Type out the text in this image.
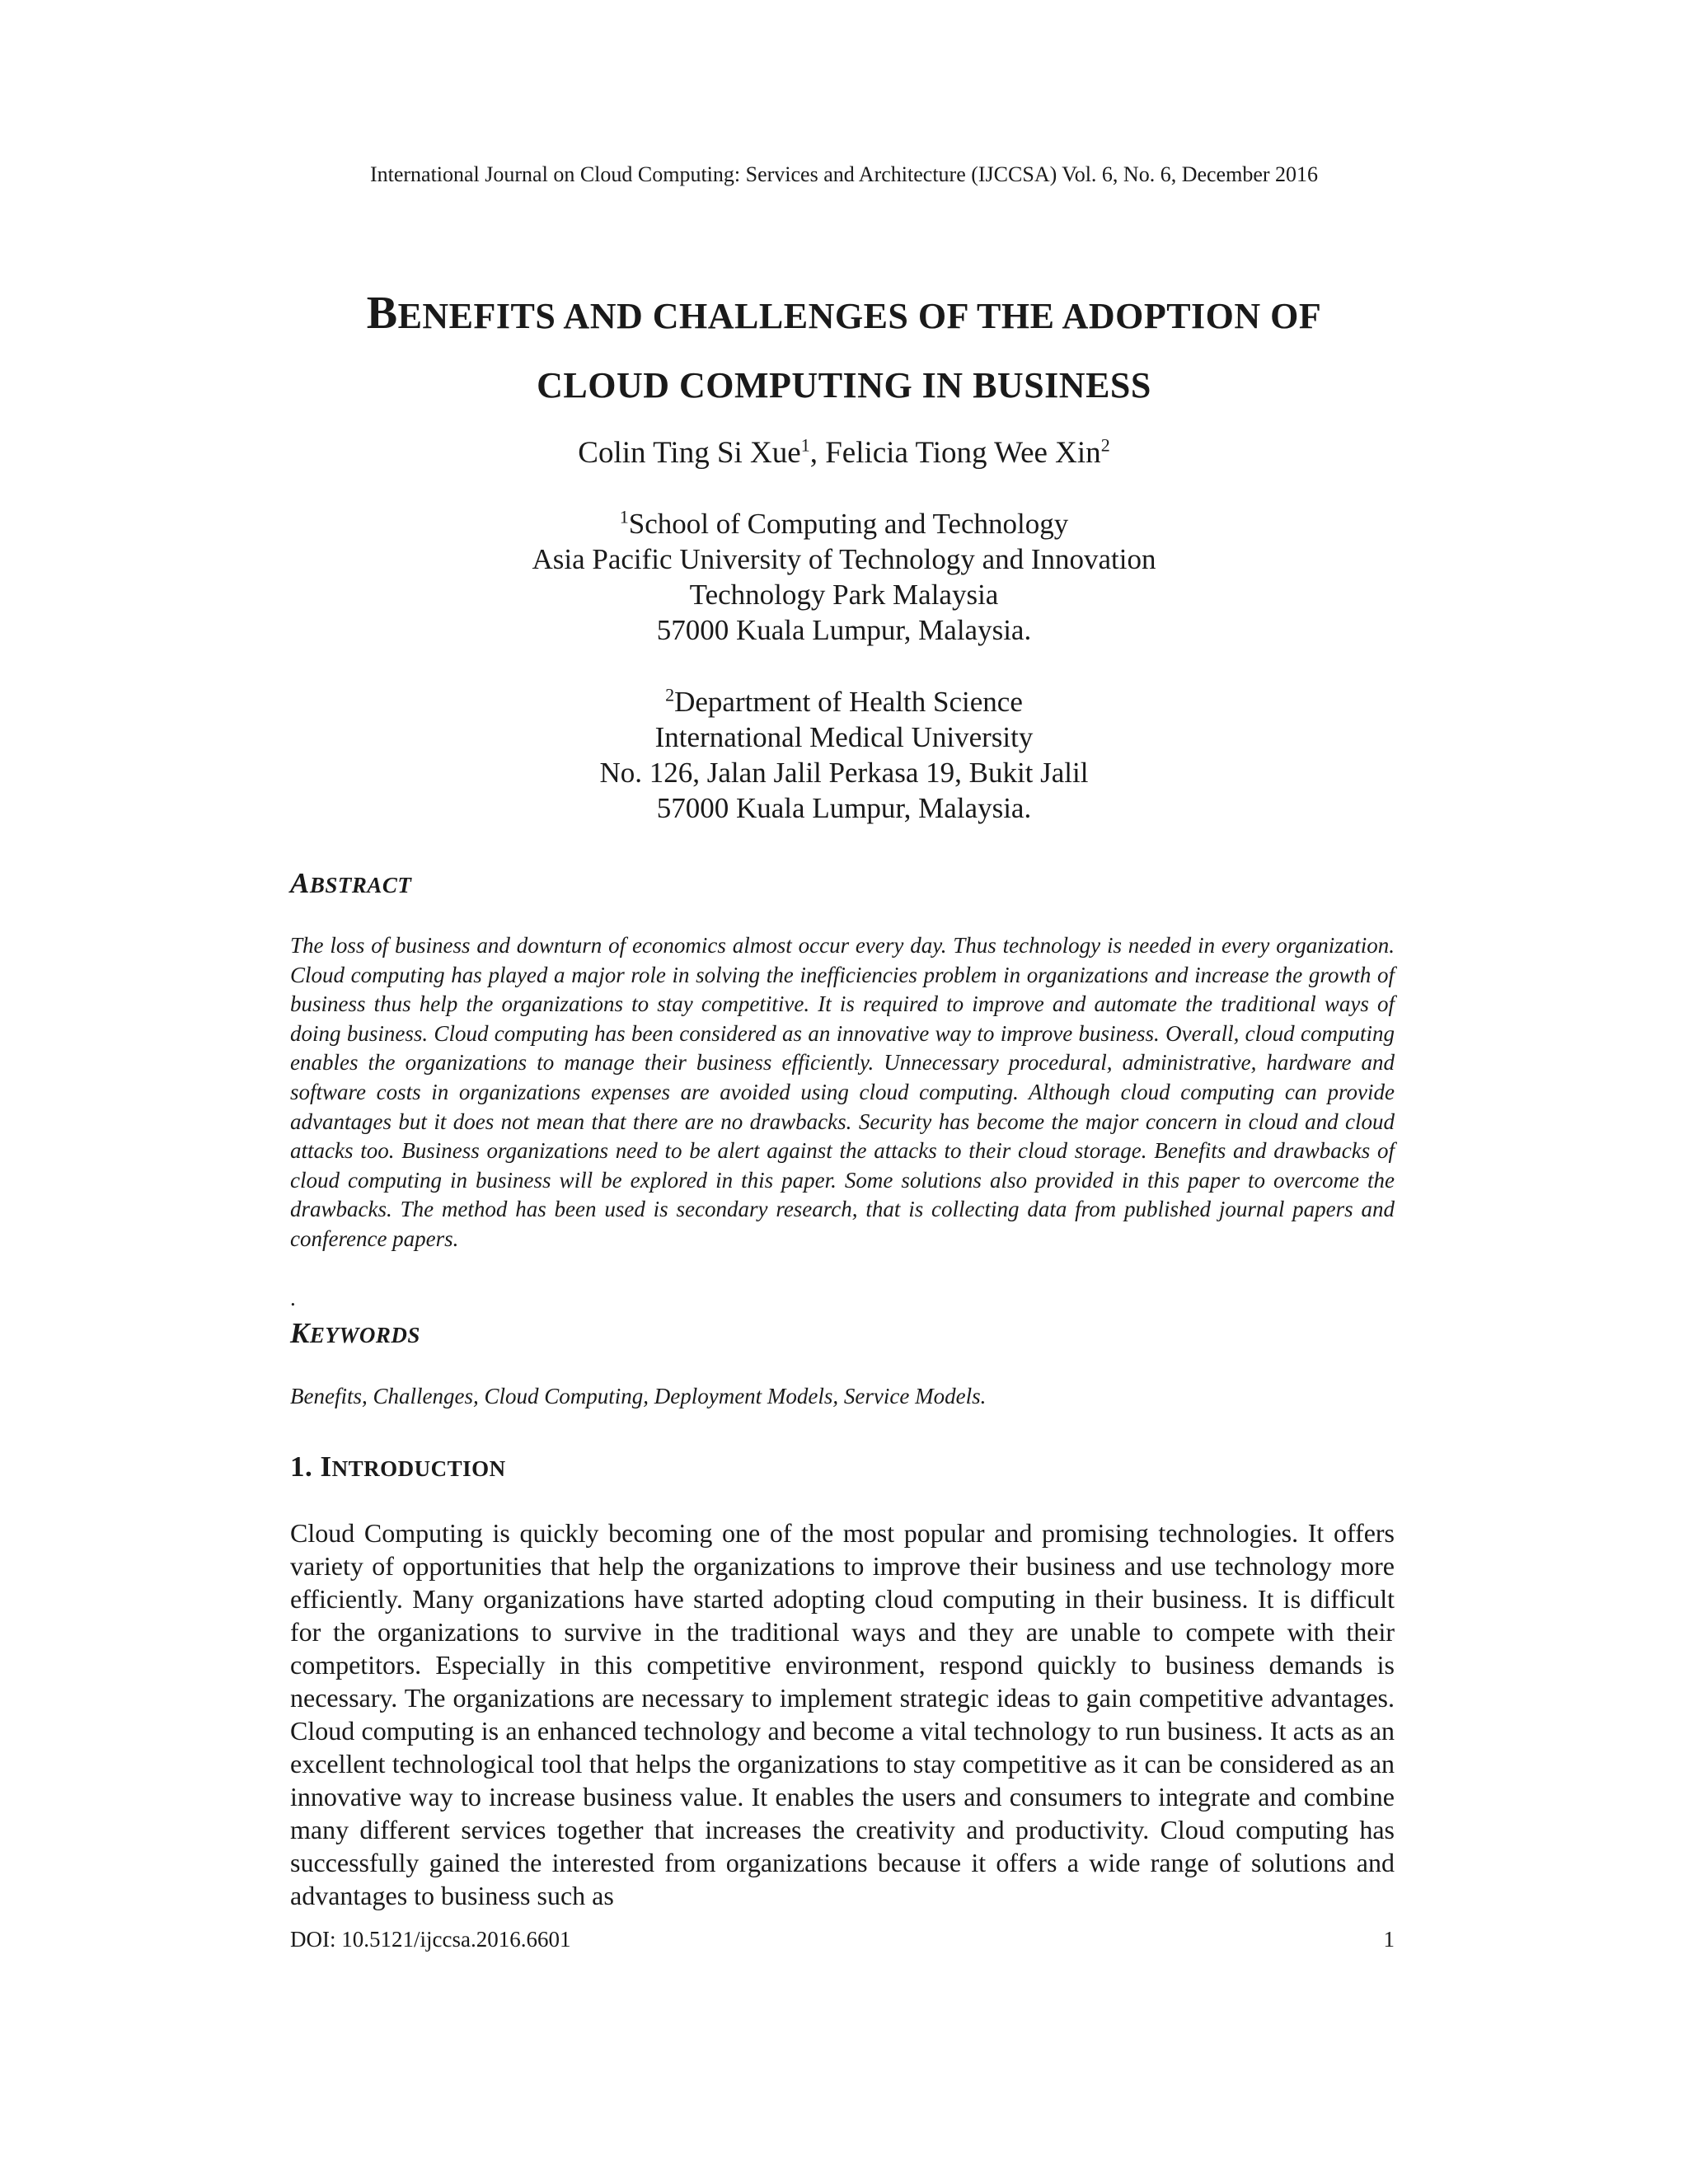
International Journal on Cloud Computing: Services and Architecture (IJCCSA) Vol. 6, No. 6, December 2016
BENEFITS AND CHALLENGES OF THE ADOPTION OF
CLOUD COMPUTING IN BUSINESS
Colin Ting Si Xue$^1$, Felicia Tiong Wee Xin$^2$
$^1$School of Computing and Technology
Asia Pacific University of Technology and Innovation
Technology Park Malaysia
57000 Kuala Lumpur, Malaysia.
$^2$Department of Health Science
International Medical University
No. 126, Jalan Jalil Perkasa 19, Bukit Jalil
57000 Kuala Lumpur, Malaysia.
ABSTRACT
The loss of business and downturn of economics almost occur every day. Thus technology is needed in every organization. Cloud computing has played a major role in solving the inefficiencies problem in organizations and increase the growth of business thus help the organizations to stay competitive. It is required to improve and automate the traditional ways of doing business. Cloud computing has been considered as an innovative way to improve business. Overall, cloud computing enables the organizations to manage their business efficiently. Unnecessary procedural, administrative, hardware and software costs in organizations expenses are avoided using cloud computing. Although cloud computing can provide advantages but it does not mean that there are no drawbacks. Security has become the major concern in cloud and cloud attacks too. Business organizations need to be alert against the attacks to their cloud storage. Benefits and drawbacks of cloud computing in business will be explored in this paper. Some solutions also provided in this paper to overcome the drawbacks. The method has been used is secondary research, that is collecting data from published journal papers and conference papers.
.
KEYWORDS
Benefits, Challenges, Cloud Computing, Deployment Models, Service Models.
1. INTRODUCTION
Cloud Computing is quickly becoming one of the most popular and promising technologies. It offers variety of opportunities that help the organizations to improve their business and use technology more efficiently. Many organizations have started adopting cloud computing in their business. It is difficult for the organizations to survive in the traditional ways and they are unable to compete with their competitors. Especially in this competitive environment, respond quickly to business demands is necessary. The organizations are necessary to implement strategic ideas to gain competitive advantages. Cloud computing is an enhanced technology and become a vital technology to run business. It acts as an excellent technological tool that helps the organizations to stay competitive as it can be considered as an innovative way to increase business value. It enables the users and consumers to integrate and combine many different services together that increases the creativity and productivity. Cloud computing has successfully gained the interested from organizations because it offers a wide range of solutions and advantages to business such as
DOI: 10.5121/ijccsa.2016.6601	1
